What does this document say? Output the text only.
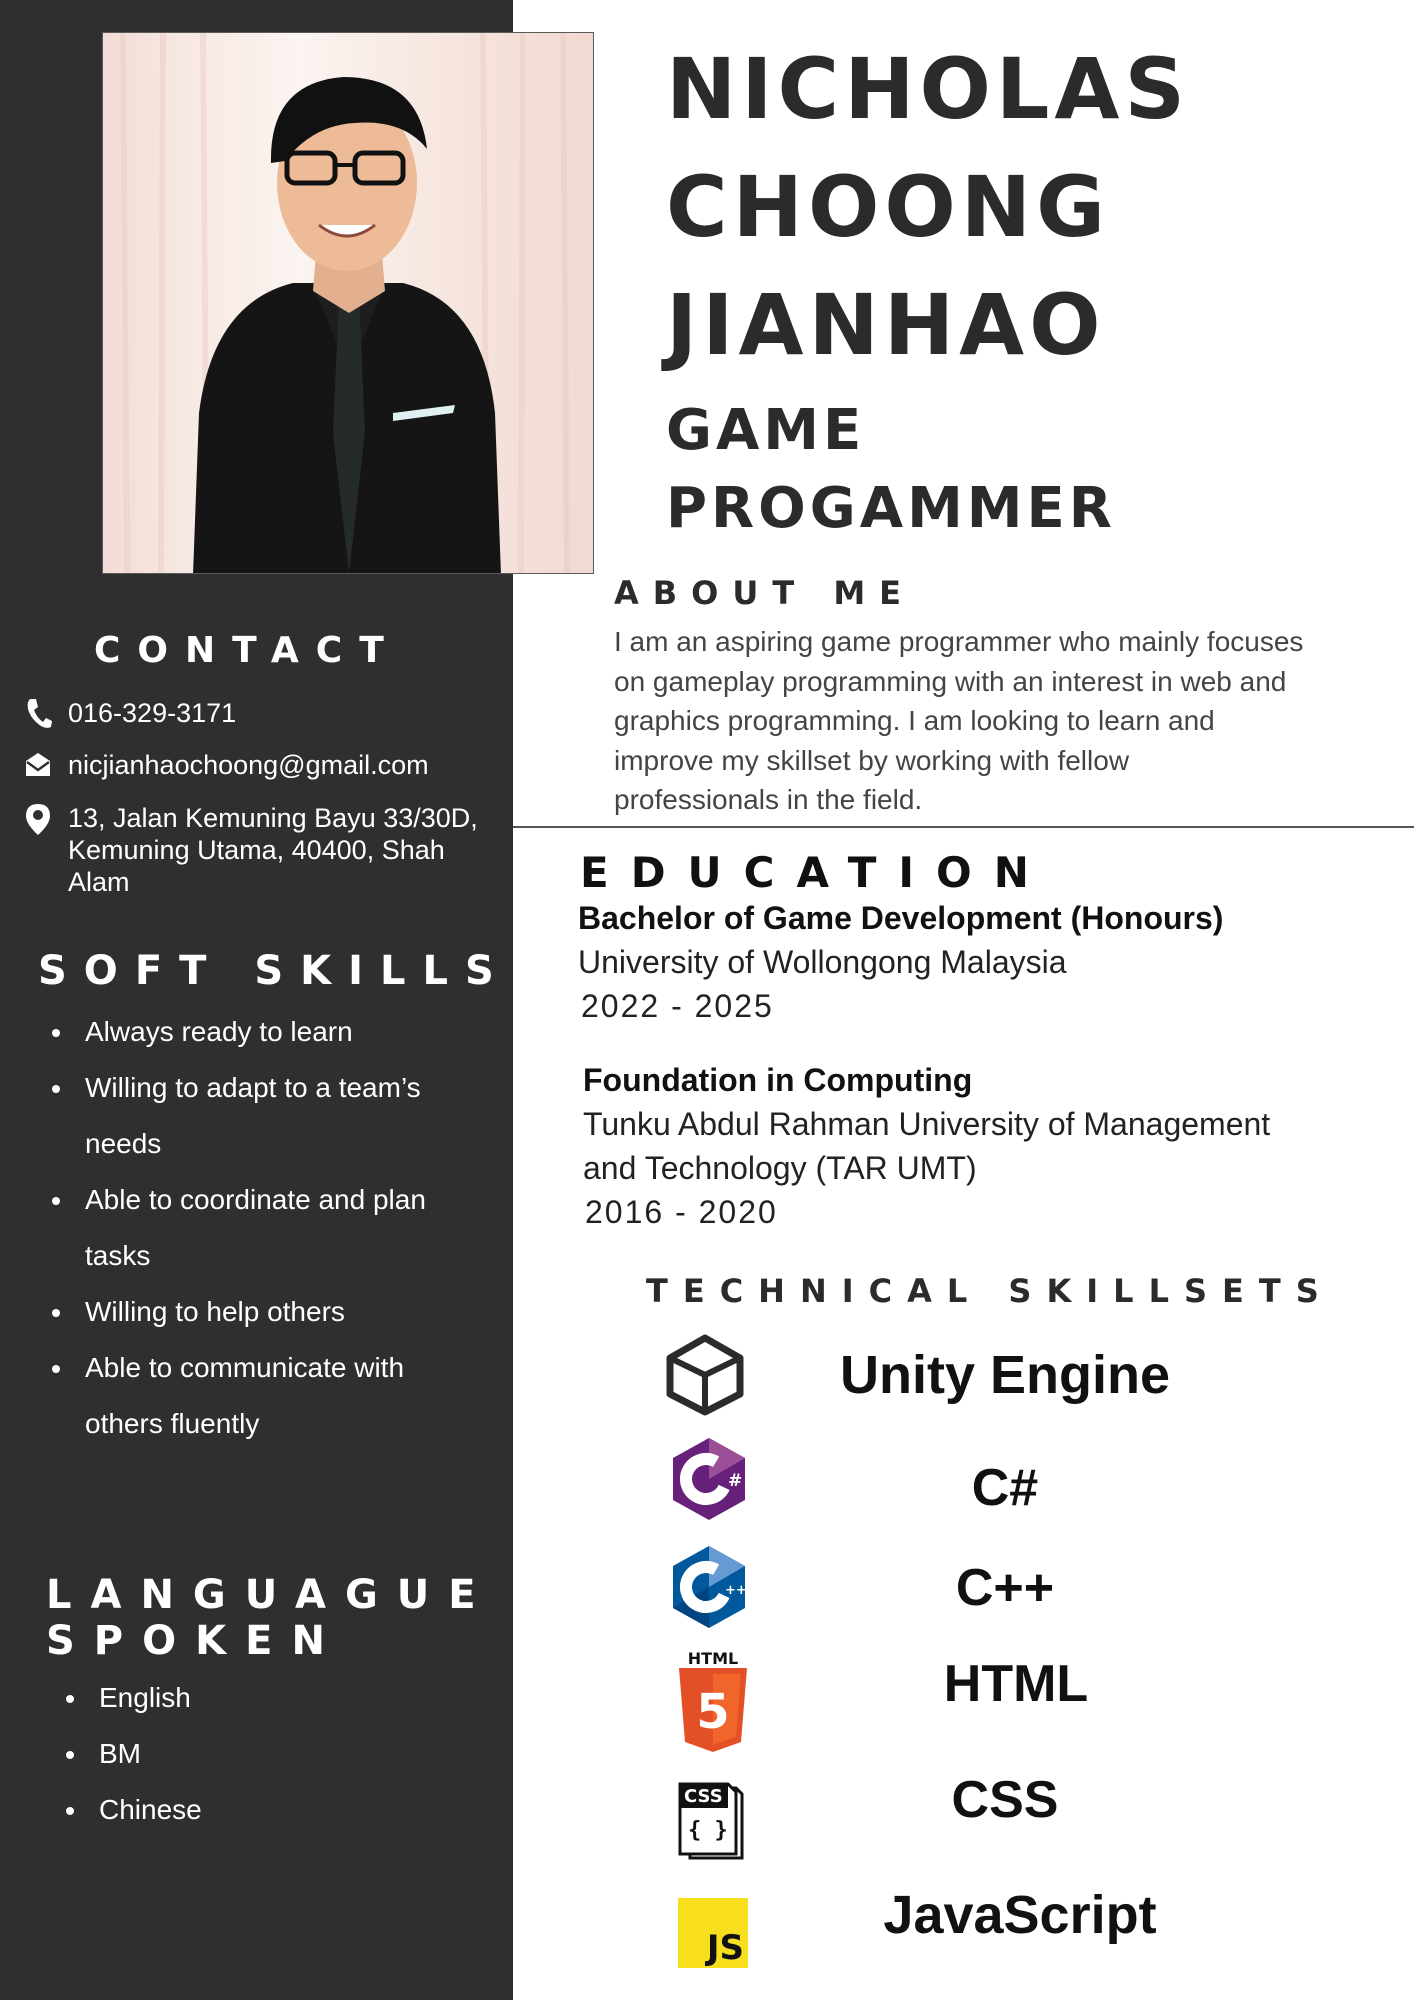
NICHOLAS
CHOONG
JIANHAO
GAME
PROGAMMER
ABOUT ME
I am an aspiring game programmer who mainly focuses
on gameplay programming with an interest in web and
graphics programming. I am looking to learn and
improve my skillset by working with fellow
professionals in the field.
EDUCATION
Bachelor of Game Development (Honours)
University of Wollongong Malaysia
2022 - 2025
Foundation in Computing
Tunku Abdul Rahman University of Management
and Technology (TAR UMT)
2016 - 2020
TECHNICAL SKILLSETS
Unity Engine
#	C#
++	C++
HTML
5	HTML
CSS
{ }
CSS
JS
JavaScript
CONTACT
016-329-3171
nicjianhaochoong@gmail.com
13, Jalan Kemuning Bayu 33/30D,
Kemuning Utama, 40400, Shah
Alam
SOFT SKILLS
Always ready to learn
Willing to adapt to a team’s
needs
Able to coordinate and plan
tasks
Willing to help others
Able to communicate with
others fluently
LANGUAGUE
SPOKEN
English
BM
Chinese
